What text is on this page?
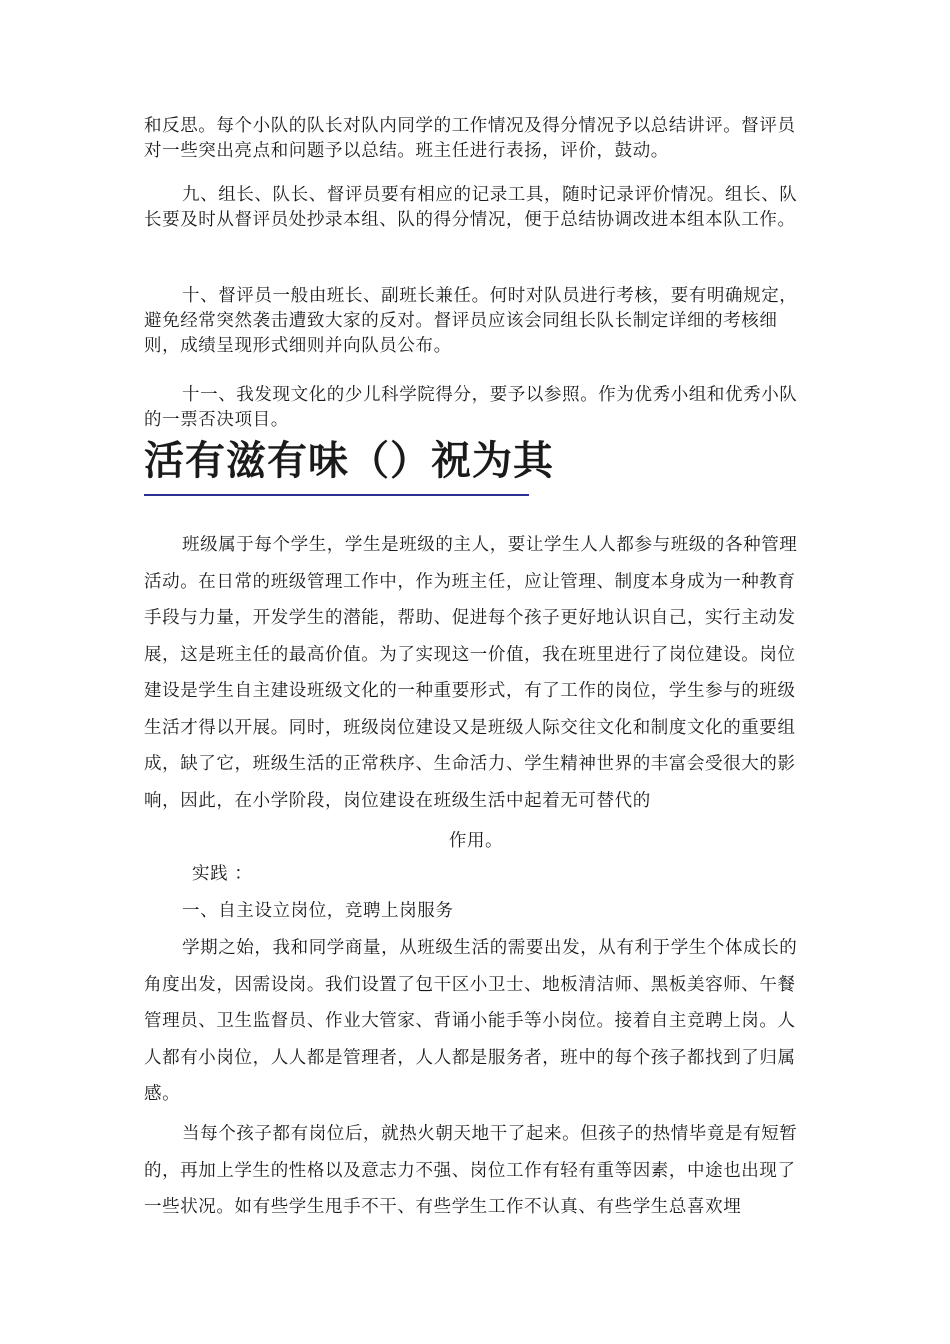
和反思。每个小队的队长对队内同学的工作情况及得分情况予以总结讲评。督评员对一些突出亮点和问题予以总结。班主任进行表扬，评价，鼓动。

九、组长、队长、督评员要有相应的记录工具，随时记录评价情况。组长、队长要及时从督评员处抄录本组、队的得分情况，便于总结协调改进本组本队工作。

十、督评员一般由班长、副班长兼任。何时对队员进行考核，要有明确规定，避免经常突然袭击遭致大家的反对。督评员应该会同组长队长制定详细的考核细则，成绩呈现形式细则并向队员公布。

十一、我发现文化的少儿科学院得分，要予以参照。作为优秀小组和优秀小队的一票否决项目。

活有滋有味（）祝为其

班级属于每个学生，学生是班级的主人，要让学生人人都参与班级的各种管理活动。在日常的班级管理工作中，作为班主任，应让管理、制度本身成为一种教育手段与力量，开发学生的潜能，帮助、促进每个孩子更好地认识自己，实行主动发展，这是班主任的最高价值。为了实现这一价值，我在班里进行了岗位建设。岗位建设是学生自主建设班级文化的一种重要形式，有了工作的岗位，学生参与的班级生活才得以开展。同时，班级岗位建设又是班级人际交往文化和制度文化的重要组成，缺了它，班级生活的正常秩序、生命活力、学生精神世界的丰富会受很大的影响，因此，在小学阶段，岗位建设在班级生活中起着无可替代的

作用。

实践 ：

一、自主设立岗位，竞聘上岗服务

学期之始，我和同学商量，从班级生活的需要出发，从有利于学生个体成长的角度出发，因需设岗。我们设置了包干区小卫士、地板清洁师、黑板美容师、午餐管理员、卫生监督员、作业大管家、背诵小能手等小岗位。接着自主竞聘上岗。人人都有小岗位，人人都是管理者，人人都是服务者，班中的每个孩子都找到了归属感。

当每个孩子都有岗位后，就热火朝天地干了起来。但孩子的热情毕竟是有短暂的，再加上学生的性格以及意志力不强、岗位工作有轻有重等因素，中途也出现了一些状况。如有些学生甩手不干、有些学生工作不认真、有些学生总喜欢埋
